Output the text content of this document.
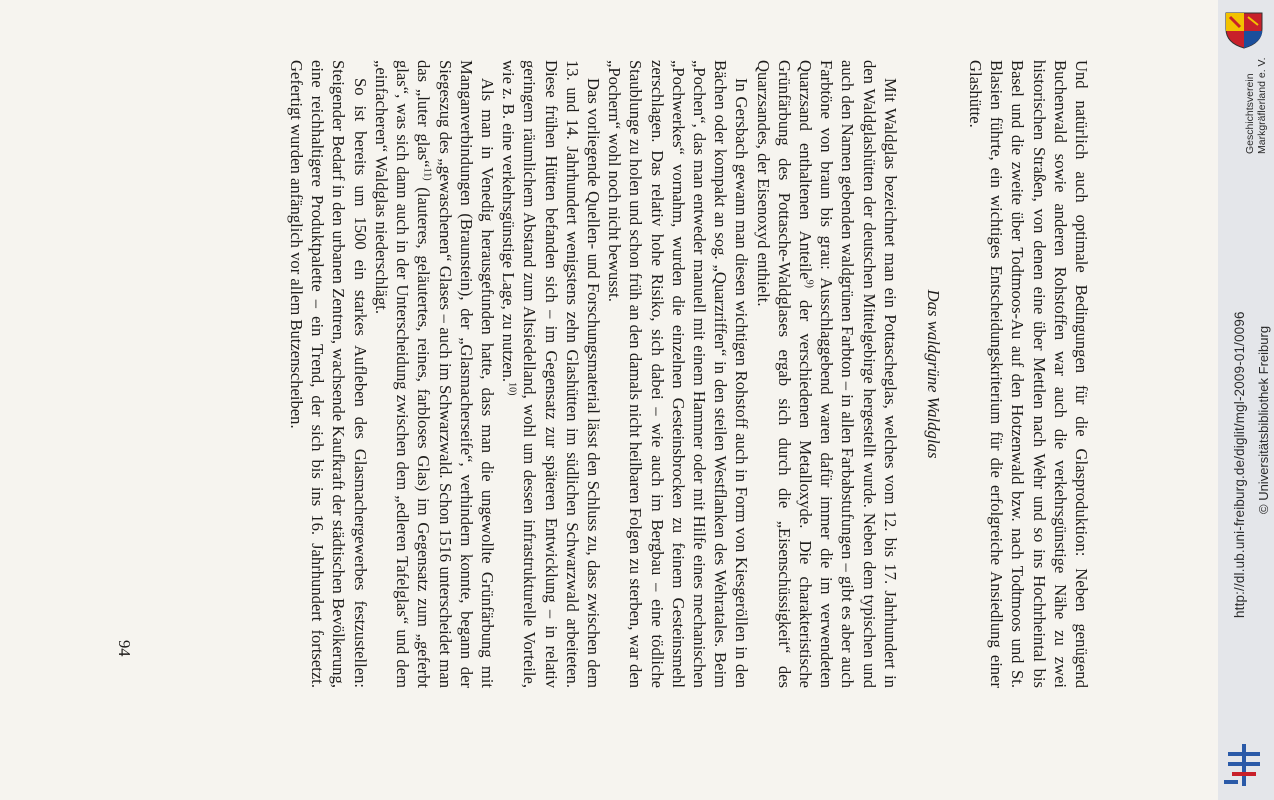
Und natürlich auch optimale Bedingungen für die Glasproduktion: Neben genügend Buchenwald sowie anderen Rohstoffen war auch die verkehrsgünstige Nähe zu zwei historischen Straßen, von denen eine über Mettlen nach Wehr und so ins Hochrheintal bis Basel und die zweite über Todtmoos-Au auf den Hotzenwald bzw. nach Todtmoos und St. Blasien führte, ein wichtiges Entscheidungskriterium für die erfolgreiche Ansiedlung einer Glashütte.

Das waldgrüne Waldglas

Mit Waldglas bezeichnet man ein Pottaschеglas, welches vom 12. bis 17. Jahrhundert in den Waldglashütten der deutschen Mittelgebirge hergestellt wurde. Neben dem typischen und auch den Namen gebenden waldgrünen Farbton – in allen Farbabstufungen – gibt es aber auch Farbtöne von braun bis grau: Ausschlaggebend waren dafür immer die im verwendeten Quarzsand enthaltenen Anteile$^{9)}$ der verschiedenen Metalloxyde. Die charakteristische Grünfärbung des Pottasche-Waldglases ergab sich durch die „Eisenschüssigkeit“ des Quarzsandes, der Eisenoxyd enthielt.

In Gersbach gewann man diesen wichtigen Rohstoff auch in Form von Kiesgeröllen in den Bächen oder kompakt an sog. „Quarzriffen“ in den steilen Westflanken des Wehratales. Beim „Pochen“, das man entweder manuell mit einem Hammer oder mit Hilfe eines mechanischen „Pochwerkes“ vornahm, wurden die einzelnen Gesteinsbrocken zu feinem Gesteinsmehl zerschlagen. Das relativ hohe Risiko, sich dabei – wie auch im Bergbau – eine tödliche Staublunge zu holen und schon früh an den damals nicht heilbaren Folgen zu sterben, war den „Pochern“ wohl noch nicht bewusst.

Das vorliegende Quellen- und Forschungsmaterial lässt den Schluss zu, dass zwischen dem 13. und 14. Jahrhundert wenigstens zehn Glashütten im südlichen Schwarzwald arbeiteten. Diese frühen Hütten befanden sich – im Gegensatz zur späteren Entwicklung – in relativ geringem räumlichem Abstand zum Altsiedelland, wohl um dessen infrastrukturelle Vorteile, wie z. B. eine verkehrsgünstige Lage, zu nutzen.$^{10)}$

Als man in Venedig herausgefunden hatte, dass man die ungewollte Grünfärbung mit Manganverbindungen (Braunstein), der „Glasmacherseife“, verhindern konnte, begann der Siegeszug des „gewaschenen“ Glases – auch im Schwarzwald. Schon 1516 unterscheidet man das „luter glas“$^{11)}$ (lauteres, geläutertes, reines, farbloses Glas) im Gegensatz zum „geferbt glas“, was sich dann auch in der Unterscheidung zwischen dem „edleren Tafelglas“ und dem „einfacheren“ Waldglas niederschlägt.

So ist bereits um 1500 ein starkes Aufleben des Glasmachergewerbes festzustellen: Steigender Bedarf in den urbanen Zentren, wachsende Kaufkraft der städtischen Bevölkerung, eine reichhaltigere Produktpalette – ein Trend, der sich bis ins 16. Jahrhundert fortsetzt. Gefertigt wurden anfänglich vor allem Butzenscheiben.

94
Geschichtsverein Markgräflerland e. V.
http://dl.ub.uni-freiburg.de/diglit/mgl-2009-01/0096 © Universitätsbibliothek Freiburg
